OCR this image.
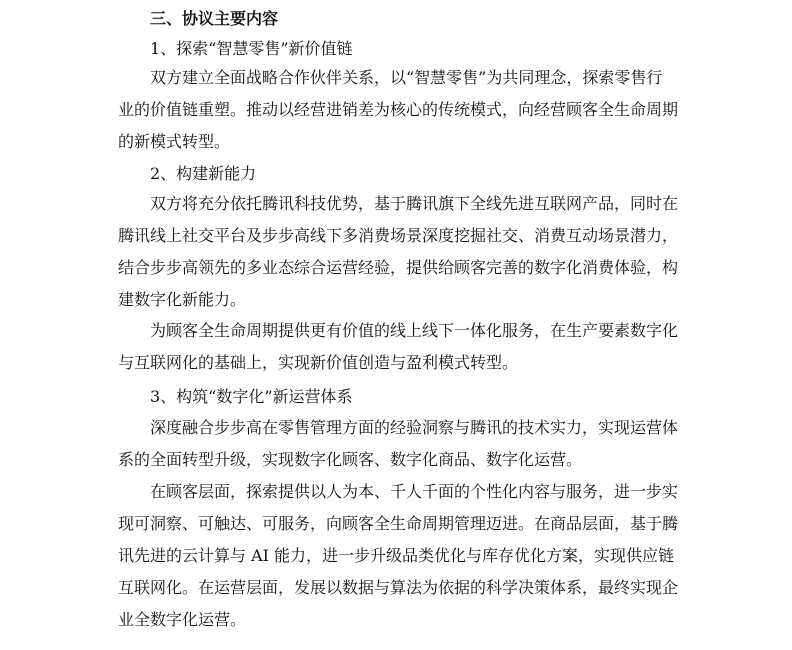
三、协议主要内容
1、探索“智慧零售”新价值链
双方建立全面战略合作伙伴关系，以“智慧零售”为共同理念，探索零售行
业的价值链重塑。推动以经营进销差为核心的传统模式，向经营顾客全生命周期
的新模式转型。
2、构建新能力
双方将充分依托腾讯科技优势，基于腾讯旗下全线先进互联网产品，同时在
腾讯线上社交平台及步步高线下多消费场景深度挖掘社交、消费互动场景潜力，
结合步步高领先的多业态综合运营经验，提供给顾客完善的数字化消费体验，构
建数字化新能力。
为顾客全生命周期提供更有价值的线上线下一体化服务，在生产要素数字化
与互联网化的基础上，实现新价值创造与盈利模式转型。
3、构筑“数字化”新运营体系
深度融合步步高在零售管理方面的经验洞察与腾讯的技术实力，实现运营体
系的全面转型升级，实现数字化顾客、数字化商品、数字化运营。
在顾客层面，探索提供以人为本、千人千面的个性化内容与服务，进一步实
现可洞察、可触达、可服务，向顾客全生命周期管理迈进。在商品层面，基于腾
讯先进的云计算与 AI 能力，进一步升级品类优化与库存优化方案，实现供应链
互联网化。在运营层面，发展以数据与算法为依据的科学决策体系，最终实现企
业全数字化运营。
